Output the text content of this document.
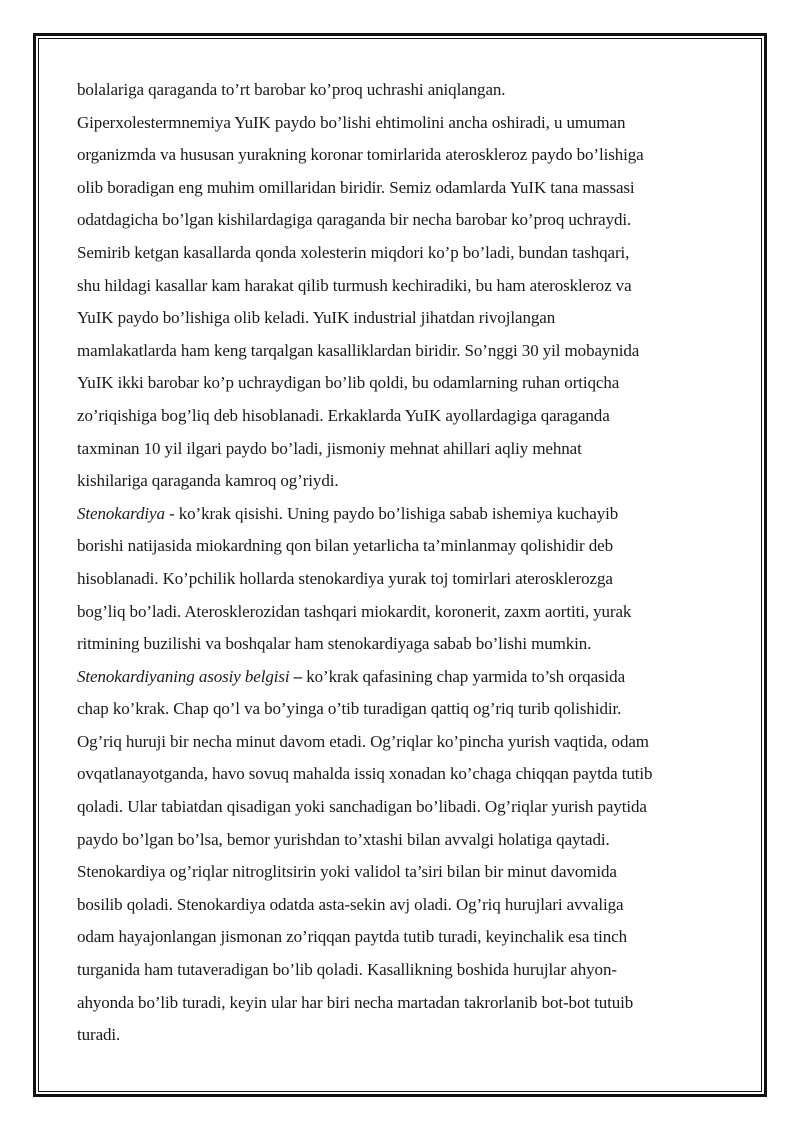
bolalariga qaraganda to’rt barobar ko’proq uchrashi aniqlangan.
Giperxolestermnemiya YuIK paydo bo’lishi ehtimolini ancha oshiradi, u umuman
organizmda va hususan yurakning koronar tomirlarida ateroskleroz paydo bo’lishiga
olib boradigan eng muhim omillaridan biridir. Semiz odamlarda YuIK tana massasi
odatdagicha bo’lgan kishilardagiga qaraganda bir necha barobar ko’proq uchraydi.
Semirib ketgan kasallarda qonda xolesterin miqdori ko’p bo’ladi, bundan tashqari,
shu hildagi kasallar kam harakat qilib turmush kechiradiki, bu ham ateroskleroz va
YuIK paydo bo’lishiga olib keladi. YuIK industrial jihatdan rivojlangan
mamlakatlarda ham keng tarqalgan kasalliklardan biridir. So’nggi 30 yil mobaynida
YuIK ikki barobar ko’p uchraydigan bo’lib qoldi, bu odamlarning ruhan ortiqcha
zo’riqishiga bog’liq deb hisoblanadi. Erkaklarda YuIK ayollardagiga qaraganda
taxminan 10 yil ilgari paydo bo’ladi, jismoniy mehnat ahillari aqliy mehnat
kishilariga qaraganda kamroq og’riydi.
Stenokardiya - ko’krak qisishi. Uning paydo bo’lishiga sabab ishemiya kuchayib
borishi natijasida miokardning qon bilan yetarlicha ta’minlanmay qolishidir deb
hisoblanadi. Ko’pchilik hollarda stenokardiya yurak toj tomirlari aterosklerozga
bog’liq bo’ladi. Aterosklerozidan tashqari miokardit, koronerit, zaxm aortiti, yurak
ritmining buzilishi va boshqalar ham stenokardiyaga sabab bo’lishi mumkin.
Stenokardiyaning asosiy belgisi – ko’krak qafasining chap yarmida to’sh orqasida
chap ko’krak. Chap qo’l va bo’yinga o’tib turadigan qattiq og’riq turib qolishidir.
Og’riq huruji bir necha minut davom etadi. Og’riqlar ko’pincha yurish vaqtida, odam
ovqatlanayotganda, havo sovuq mahalda issiq xonadan ko’chaga chiqqan paytda tutib
qoladi. Ular tabiatdan qisadigan yoki sanchadigan bo’libadi. Og’riqlar yurish paytida
paydo bo’lgan bo’lsa, bemor yurishdan to’xtashi bilan avvalgi holatiga qaytadi.
Stenokardiya og’riqlar nitroglitsirin yoki validol ta’siri bilan bir minut davomida
bosilib qoladi. Stenokardiya odatda asta-sekin avj oladi. Og’riq hurujlari avvaliga
odam hayajonlangan jismonan zo’riqqan paytda tutib turadi, keyinchalik esa tinch
turganida ham tutaveradigan bo’lib qoladi. Kasallikning boshida hurujlar ahyon-
ahyonda bo’lib turadi, keyin ular har biri necha martadan takrorlanib bot-bot tutuib
turadi.
